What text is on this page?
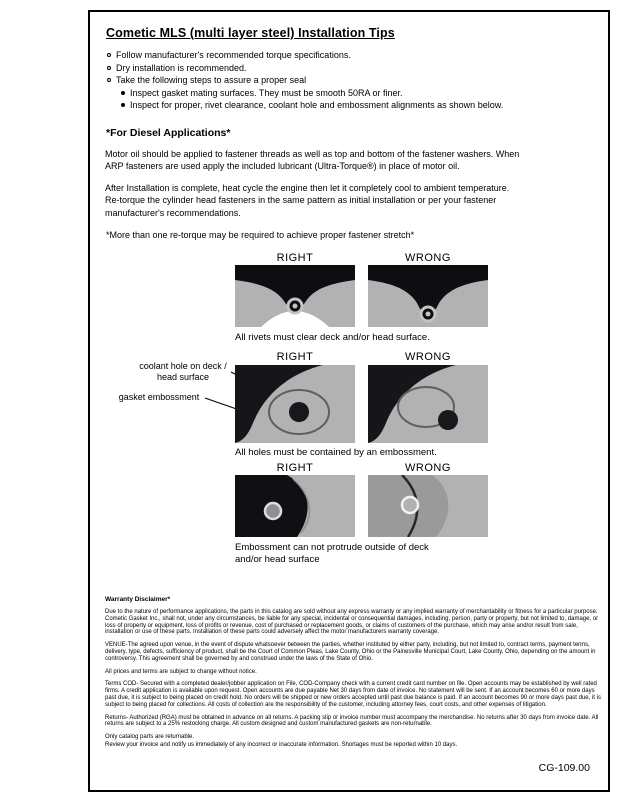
Cometic MLS (multi layer steel) Installation Tips
Follow manufacturer's recommended torque specifications.
Dry installation is recommended.
Take the following steps to assure a proper seal
Inspect gasket mating surfaces. They must be smooth 50RA or finer.
Inspect for proper, rivet clearance, coolant hole and embossment alignments as shown below.
*For Diesel Applications*

Motor oil should be applied to fastener threads as well as top and bottom of the fastener washers. When ARP fasteners are used apply the included lubricant (Ultra-Torque®) in place of motor oil.

After Installation is complete, heat cycle the engine then let it completely cool to ambient temperature. Re-torque the cylinder head fasteners in the same pattern as initial installation or per your fastener manufacturer's recommendations.

*More than one re-torque may be required to achieve proper fastener stretch*
RIGHT	WRONG
All rivets must clear deck and/or head surface.
RIGHT	WRONG
coolant hole on deck / head surface
gasket embossment
All holes must be contained by an embossment.
RIGHT	WRONG
Embossment can not protrude outside of deck
and/or head surface
Warranty Disclaimer*

Due to the nature of performance applications, the parts in this catalog are sold without any express warranty or any implied warranty of merchantability or fitness for a particular purpose. Cometic Gasket Inc., shall not, under any circumstances, be liable for any special, incidental or consequential damages, including, person, party or property, but not limited to, damage, or loss of property or equipment, loss of profits or revenue, cost of purchased or replacement goods, or claims of customers of the purchase, which may arise and/or result from sale, installation or use of these parts. Installation of these parts could adversely affect the motor manufacturers warranty coverage.

VENUE-The agreed upon venue, in the event of dispute whatsoever between the parties, whether instituted by either party, including, but not limited to, contract terms, payment terms, delivery, type, defects, sufficiency of product, shall be the Court of Common Pleas, Lake County, Ohio or the Painesville Municipal Court, Lake County, Ohio, depending on the amount in controversy. This agreement shall be governed by and construed under the laws of the State of Ohio.

All prices and terms are subject to change without notice.

Terms COD- Secured with a completed dealer/jobber application on File, COD-Company check with a current credit card number on file. Open accounts may be established by well rated firms. A credit application is available upon request. Open accounts are due payable Net 30 days from date of invoice. No statement will be sent. If an account becomes 60 or more days past due, it is subject to being placed on credit hold. No orders will be shipped or new orders accepted until past due balance is paid. If an account becomes 90 or more days past due, it is subject to being placed for collections. All costs of collection are the responsibility of the customer, including attorney fees, court costs, and other expenses of litigation.

Returns- Authorized (RGA) must be obtained in advance on all returns. A packing slip or invoice number must accompany the merchandise. No returns after 30 days from invoice date. All returns are subject to a 25% restocking charge. All custom designed and custom manufactured gaskets are non-returnable.

Only catalog parts are returnable.

Review your invoice and notify us immediately of any incorrect or inaccurate information. Shortages must be reported within 10 days.

CG-109.00
